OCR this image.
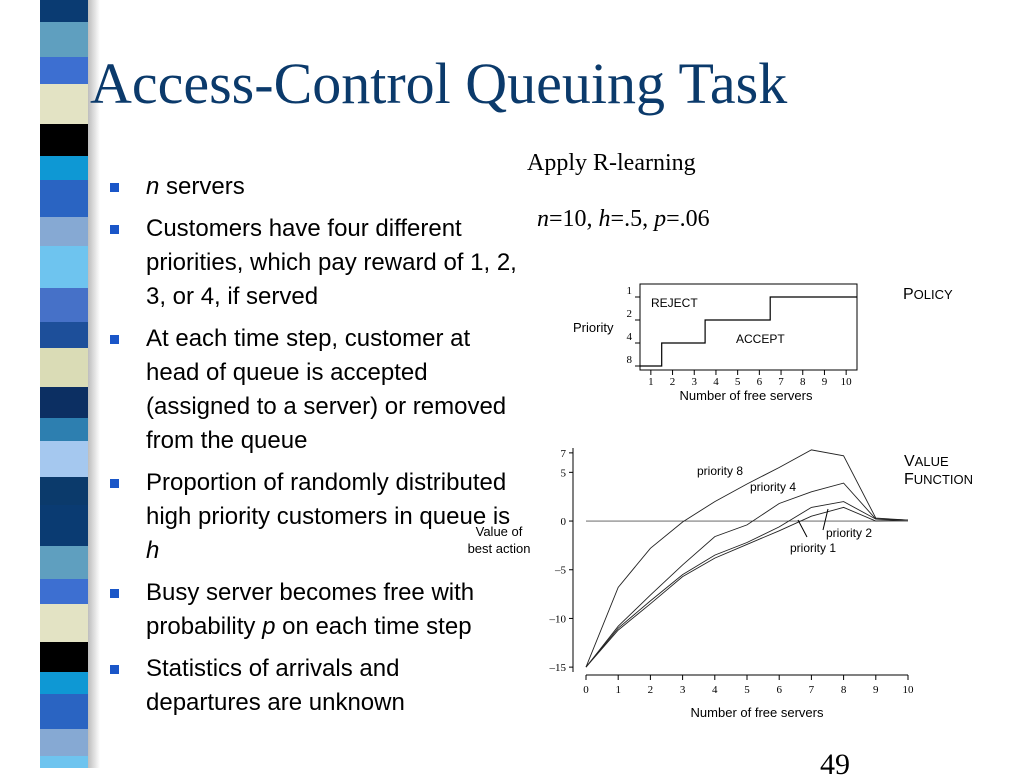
Access-Control Queuing Task
n servers
Customers have four different priorities, which pay reward of 1, 2, 3, or 4, if served
At each time step, customer at head of queue is accepted (assigned to a server) or removed from the queue
Proportion of randomly distributed high priority customers in queue is h
Busy server becomes free with probability p on each time step
Statistics of arrivals and departures are unknown
Apply R-learning
n=10, h=.5, p=.06
POLICY
Priority
Number of free servers
1 2 3 4 5 6 7 8 9 10
1
2
4
8
REJECT
ACCEPT
VALUE
FUNCTION
Value of
best action
Number of free servers
7
5
0
–5
–10
–15
0 1 2 3 4 5 6 7 8 9 10
priority 8
priority 4
priority 2
priority 1
49
